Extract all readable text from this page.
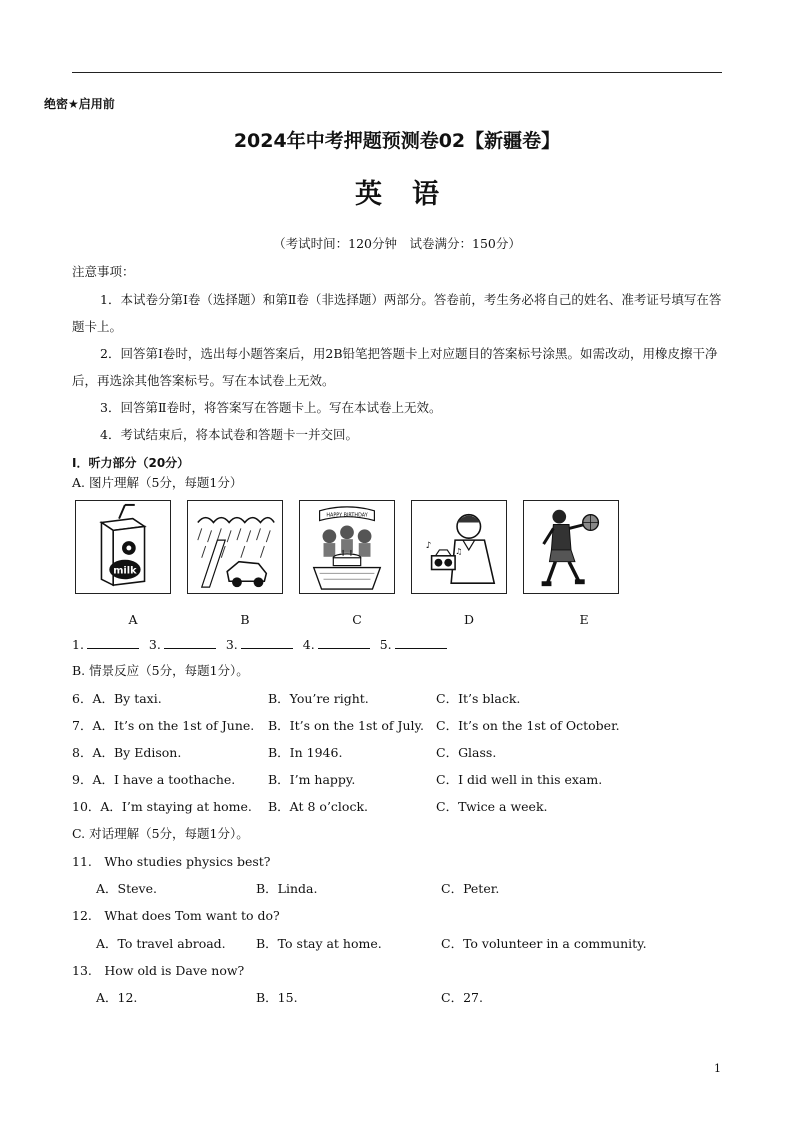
绝密★启用前
2024年中考押题预测卷02【新疆卷】
英语
（考试时间：120分钟　试卷满分：150分）
注意事项：
1．本试卷分第Ⅰ卷（选择题）和第Ⅱ卷（非选择题）两部分。答卷前，考生务必将自己的姓名、准考证号填写在答题卡上。
2．回答第Ⅰ卷时，选出每小题答案后，用2B铅笔把答题卡上对应题目的答案标号涂黑。如需改动，用橡皮擦干净后，再选涂其他答案标号。写在本试卷上无效。
3．回答第Ⅱ卷时，将答案写在答题卡上。写在本试卷上无效。
4．考试结束后，将本试卷和答题卡一并交回。
Ⅰ．听力部分（20分）
A. 图片理解（5分，每题1分）
milk
HAPPY BIRTHDAY
♪
♫
A	B	C	D	E
1.	3.	3.	4.	5.
B. 情景反应（5分，每题1分）。
6．A．By taxi.	B．You’re right.	C．It’s black.
7．A．It’s on the 1st of June. B．It’s on the 1st of July. C．It’s on the 1st of October.
8．A．By Edison.	B．In 1946.	C．Glass.
9．A．I have a toothache.	B．I’m happy.	C．I did well in this exam.
10．A．I’m staying at home. B．At 8 o’clock.	C．Twice a week.
C. 对话理解（5分，每题1分）。
11.　Who studies physics best?
A．Steve.	B．Linda.	C．Peter.
12.　What does Tom want to do?
A．To travel abroad. B．To stay at home.	C．To volunteer in a community.
13.　How old is Dave now?
A．12.	B．15.	C．27.
1
